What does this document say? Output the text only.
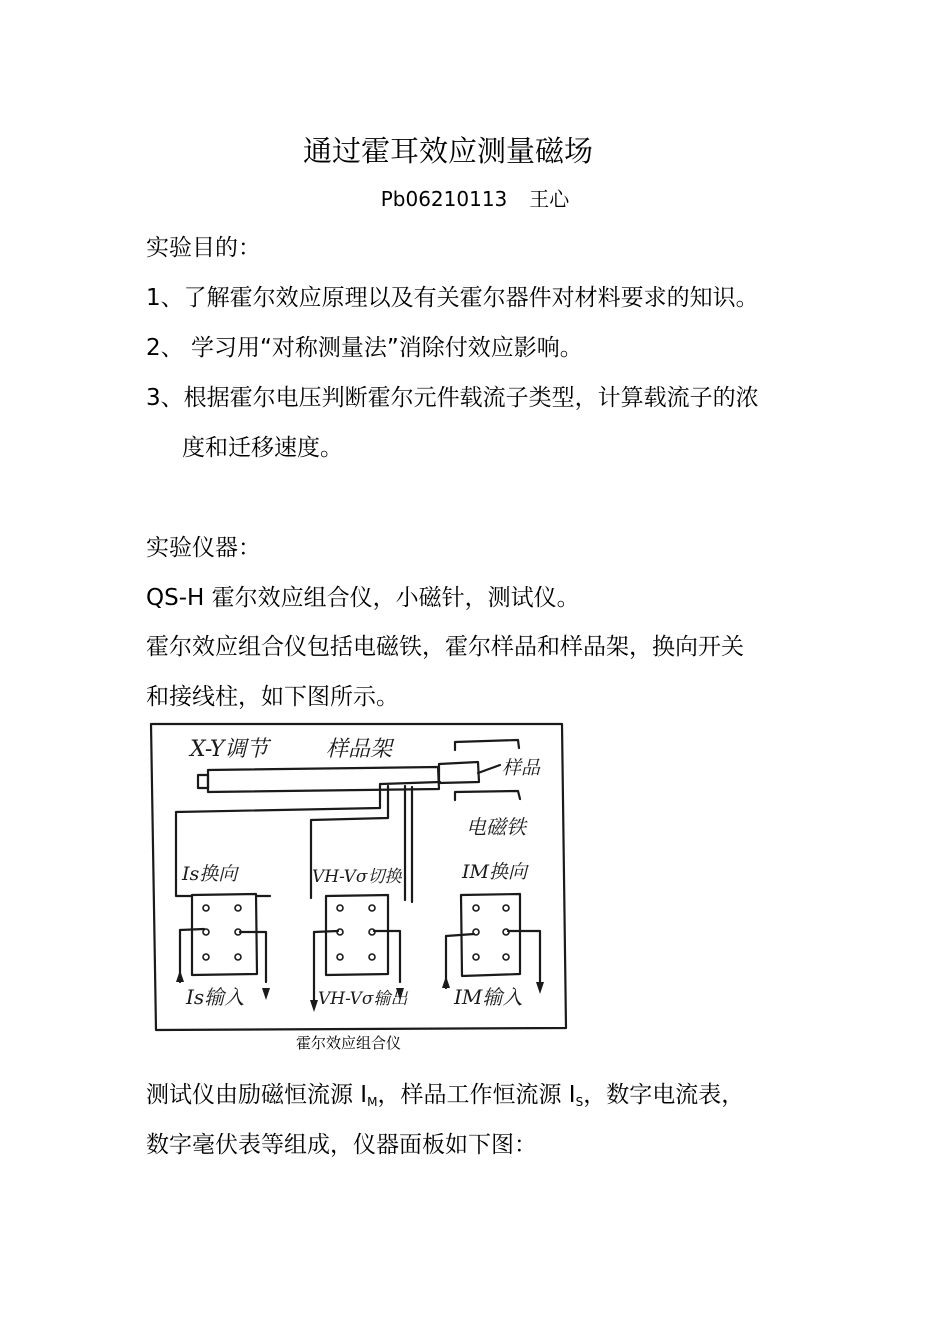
通过霍耳效应测量磁场
Pb06210113 王心
实验目的：
1、了解霍尔效应原理以及有关霍尔器件对材料要求的知识。
2、 学习用“对称测量法”消除付效应影响。
3、根据霍尔电压判断霍尔元件载流子类型，计算载流子的浓
度和迁移速度。
实验仪器：
QS-H 霍尔效应组合仪，小磁针，测试仪。
霍尔效应组合仪包括电磁铁，霍尔样品和样品架，换向开关
和接线柱，如下图所示。
X-Y调节	样品架
样品
电磁铁
Is换向	VH-Vσ切换	IM换向
Is输入	VH-Vσ输出 IM输入
霍尔效应组合仪
测试仪由励磁恒流源 $I_M$，样品工作恒流源 $I_S$，数字电流表，
数字毫伏表等组成，仪器面板如下图：
